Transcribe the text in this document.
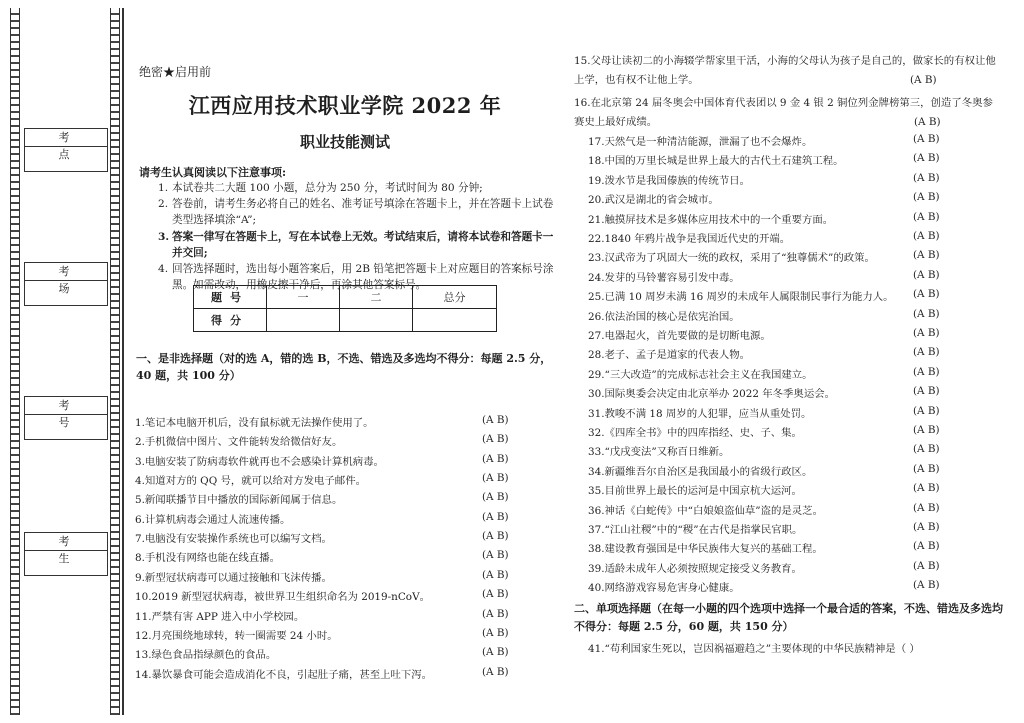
考点
考场
考号
考生
绝密★启用前
江西应用技术职业学院 2022 年
职业技能测试
请考生认真阅读以下注意事项:
1. 本试卷共二大题 100 小题，总分为 250 分，考试时间为 80 分钟;
2. 答卷前，请考生务必将自己的姓名、准考证号填涂在答题卡上，并在答题卡上试卷类型选择填涂“A”;
3. 答案一律写在答题卡上，写在本试卷上无效。考试结束后，请将本试卷和答题卡一并交回;
4. 回答选择题时，选出每小题答案后，用 2B 铅笔把答题卡上对应题目的答案标号涂黑。如需改动，用橡皮擦干净后，再涂其他答案标号。
题号	一	二	总分
得分			
一、是非选择题（对的选 A，错的选 B，不选、错选及多选均不得分：每题 2.5 分，40 题，共 100 分）
1.笔记本电脑开机后，没有鼠标就无法操作使用了。	(A B)
2.手机微信中图片、文件能转发给微信好友。	(A B)
3.电脑安装了防病毒软件就再也不会感染计算机病毒。	(A B)
4.知道对方的 QQ 号，就可以给对方发电子邮件。	(A B)
5.新闻联播节目中播放的国际新闻属于信息。	(A B)
6.计算机病毒会通过人流速传播。	(A B)
7.电脑没有安装操作系统也可以编写文档。	(A B)
8.手机没有网络也能在线直播。	(A B)
9.新型冠状病毒可以通过接触和飞沫传播。	(A B)
10.2019 新型冠状病毒，被世界卫生组织命名为 2019-nCoV。	(A B)
11.严禁有害 APP 进入中小学校园。	(A B)
12.月亮围绕地球转，转一圈需要 24 小时。	(A B)
13.绿色食品指绿颜色的食品。	(A B)
14.暴饮暴食可能会造成消化不良，引起肚子痛，甚至上吐下泻。	(A B)
15.父母让读初二的小海辍学帮家里干活，小海的父母认为孩子是自己的，做家长的有权让他上学，也有权不让他上学。	(A B)
16.在北京第 24 届冬奥会中国体育代表团以 9 金 4 银 2 铜位列金牌榜第三，创造了冬奥参赛史上最好成绩。	(A B)
17.天然气是一种清洁能源，泄漏了也不会爆炸。	(A B)
18.中国的万里长城是世界上最大的古代土石建筑工程。	(A B)
19.泼水节是我国傣族的传统节日。	(A B)
20.武汉是湖北的省会城市。	(A B)
21.触摸屏技术是多媒体应用技术中的一个重要方面。	(A B)
22.1840 年鸦片战争是我国近代史的开端。	(A B)
23.汉武帝为了巩固大一统的政权，采用了“独尊儒术”的政策。	(A B)
24.发芽的马铃薯容易引发中毒。	(A B)
25.已满 10 周岁未满 16 周岁的未成年人属限制民事行为能力人。 (A B)
26.依法治国的核心是依宪治国。	(A B)
27.电器起火，首先要做的是切断电源。	(A B)
28.老子、孟子是道家的代表人物。	(A B)
29.“三大改造”的完成标志社会主义在我国建立。	(A B)
30.国际奥委会决定由北京举办 2022 年冬季奥运会。	(A B)
31.教唆不满 18 周岁的人犯罪，应当从重处罚。	(A B)
32.《四库全书》中的四库指经、史、子、集。	(A B)
33.“戊戌变法”又称百日维新。	(A B)
34.新疆维吾尔自治区是我国最小的省级行政区。	(A B)
35.目前世界上最长的运河是中国京杭大运河。	(A B)
36.神话《白蛇传》中“白娘娘盗仙草”盗的是灵芝。	(A B)
37.“江山社稷”中的“稷”在古代是指掌民官职。	(A B)
38.建设教育强国是中华民族伟大复兴的基础工程。	(A B)
39.适龄未成年人必须按照规定接受义务教育。	(A B)
40.网络游戏容易危害身心健康。	(A B)
二、单项选择题（在每一小题的四个选项中选择一个最合适的答案，不选、错选及多选均不得分：每题 2.5 分，60 题，共 150 分）
41.“苟利国家生死以，岂因祸福避趋之”主要体现的中华民族精神是（ ）
